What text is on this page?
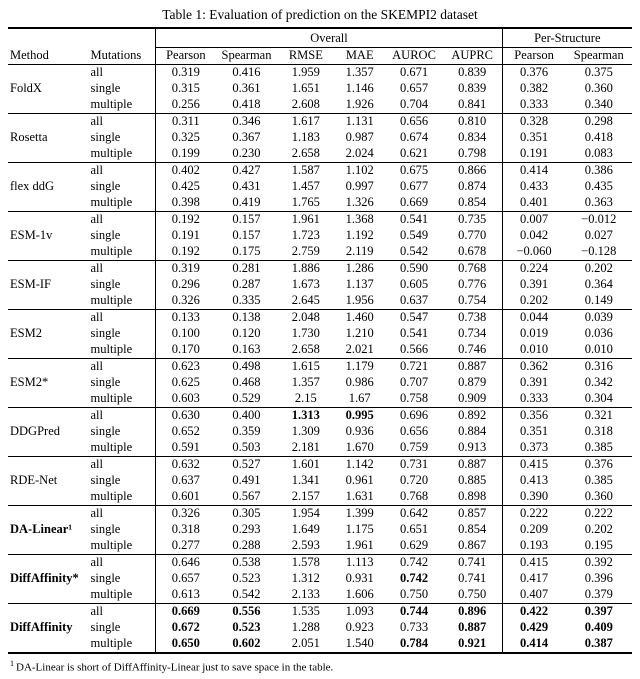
Table 1: Evaluation of prediction on the SKEMPI2 dataset
Method	Mutations	Overall						Per-Structure	
		Pearson	Spearman	RMSE	MAE	AUROC	AUPRC	Pearson	Spearman
FoldX	all	0.319	0.416	1.959	1.357	0.671	0.839	0.376	0.375
	single	0.315	0.361	1.651	1.146	0.657	0.839	0.382	0.360
	multiple	0.256	0.418	2.608	1.926	0.704	0.841	0.333	0.340
Rosetta	all	0.311	0.346	1.617	1.131	0.656	0.810	0.328	0.298
	single	0.325	0.367	1.183	0.987	0.674	0.834	0.351	0.418
	multiple	0.199	0.230	2.658	2.024	0.621	0.798	0.191	0.083
flex ddG	all	0.402	0.427	1.587	1.102	0.675	0.866	0.414	0.386
	single	0.425	0.431	1.457	0.997	0.677	0.874	0.433	0.435
	multiple	0.398	0.419	1.765	1.326	0.669	0.854	0.401	0.363
ESM-1v	all	0.192	0.157	1.961	1.368	0.541	0.735	0.007	−0.012
	single	0.191	0.157	1.723	1.192	0.549	0.770	0.042	0.027
	multiple	0.192	0.175	2.759	2.119	0.542	0.678	−0.060	−0.128
ESM-IF	all	0.319	0.281	1.886	1.286	0.590	0.768	0.224	0.202
	single	0.296	0.287	1.673	1.137	0.605	0.776	0.391	0.364
	multiple	0.326	0.335	2.645	1.956	0.637	0.754	0.202	0.149
ESM2	all	0.133	0.138	2.048	1.460	0.547	0.738	0.044	0.039
	single	0.100	0.120	1.730	1.210	0.541	0.734	0.019	0.036
	multiple	0.170	0.163	2.658	2.021	0.566	0.746	0.010	0.010
ESM2*	all	0.623	0.498	1.615	1.179	0.721	0.887	0.362	0.316
	single	0.625	0.468	1.357	0.986	0.707	0.879	0.391	0.342
	multiple	0.603	0.529	2.15	1.67	0.758	0.909	0.333	0.304
DDGPred	all	0.630	0.400	1.313	0.995	0.696	0.892	0.356	0.321
	single	0.652	0.359	1.309	0.936	0.656	0.884	0.351	0.318
	multiple	0.591	0.503	2.181	1.670	0.759	0.913	0.373	0.385
RDE-Net	all	0.632	0.527	1.601	1.142	0.731	0.887	0.415	0.376
	single	0.637	0.491	1.341	0.961	0.720	0.885	0.413	0.385
	multiple	0.601	0.567	2.157	1.631	0.768	0.898	0.390	0.360
DA-Linear¹	all	0.326	0.305	1.954	1.399	0.642	0.857	0.222	0.222
	single	0.318	0.293	1.649	1.175	0.651	0.854	0.209	0.202
	multiple	0.277	0.288	2.593	1.961	0.629	0.867	0.193	0.195
DiffAffinity*	all	0.646	0.538	1.578	1.113	0.742	0.741	0.415	0.392
	single	0.657	0.523	1.312	0.931	0.742	0.741	0.417	0.396
	multiple	0.613	0.542	2.133	1.606	0.750	0.750	0.407	0.379
DiffAffinity	all	0.669	0.556	1.535	1.093	0.744	0.896	0.422	0.397
	single	0.672	0.523	1.288	0.923	0.733	0.887	0.429	0.409
	multiple	0.650	0.602	2.051	1.540	0.784	0.921	0.414	0.387
$^1$ DA-Linear is short of DiffAffinity-Linear just to save space in the table.
